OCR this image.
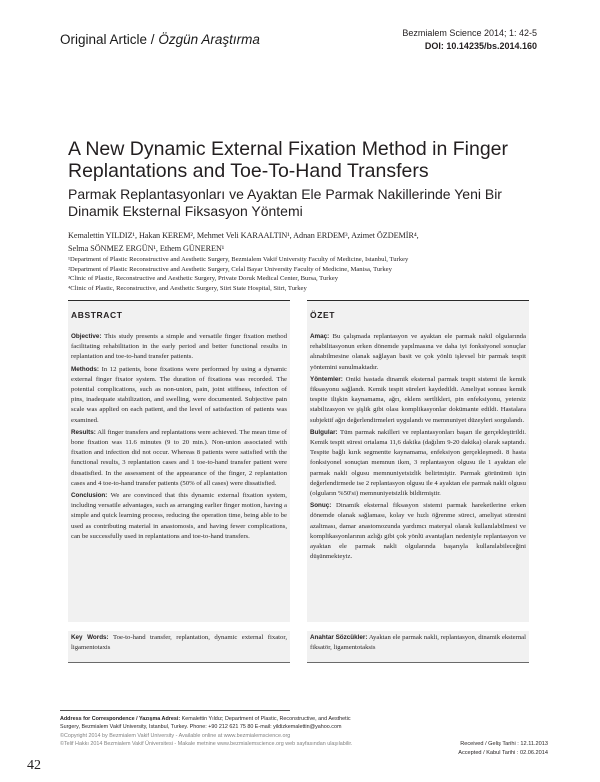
Original Article / Özgün Araştırma	Bezmialem Science 2014; 1: 42-5
DOI: 10.14235/bs.2014.160
A New Dynamic External Fixation Method in Finger Replantations and Toe-To-Hand Transfers
Parmak Replantasyonları ve Ayaktan Ele Parmak Nakillerinde Yeni Bir Dinamik Eksternal Fiksasyon Yöntemi
Kemalettin YILDIZ¹, Hakan KEREM², Mehmet Veli KARAALTIN¹, Adnan ERDEM³, Azimet ÖZDEMİR⁴,
Selma SÖNMEZ ERGÜN¹, Ethem GÜNEREN¹
¹Department of Plastic Reconstructive and Aesthetic Surgery, Bezmialem Vakif University Faculty of Medicine, Istanbul, Turkey
²Department of Plastic Reconstructive and Aesthetic Surgery, Celal Bayar University Faculty of Medicine, Manisa, Turkey
³Clinic of Plastic, Reconstructive and Aesthetic Surgery, Private Doruk Medical Center, Bursa, Turkey
⁴Clinic of Plastic, Reconstructive, and Aesthetic Surgery, Siirt State Hospital, Siirt, Turkey
ABSTRACT

Objective: This study presents a simple and versatile finger fixation method facilitating rehabilitation in the early period and better functional results in replantation and toe-to-hand transfer patients.

Methods: In 12 patients, bone fixations were performed by using a dynamic external finger fixator system. The duration of fixations was recorded. The potential complications, such as non-union, pain, joint stiffness, infection of pins, inadequate stabilization, and swelling, were documented. Subjective pain scale was applied on each patient, and the level of satisfaction of patients was examined.

Results: All finger transfers and replantations were achieved. The mean time of bone fixation was 11.6 minutes (9 to 20 min.). Non-union associated with fixation and infection did not occur. Whereas 8 patients were satisfied with the functional results, 3 replantation cases and 1 toe-to-hand transfer patient were dissatisfied. In the assessment of the appearance of the finger, 2 replantation cases and 4 toe-to-hand transfer patients (50% of all cases) were dissatisfied.

Conclusion: We are convinced that this dynamic external fixation system, including versatile advantages, such as arranging earlier finger motion, having a simple and quick learning process, reducing the operation time, being able to be used as contributing material in anastomosis, and having fewer complications, can be successfully used in replantations and toe-to-hand transfers.

ÖZET

Amaç: Bu çalışmada replantasyon ve ayaktan ele parmak nakil olgularında rehabilitasyonun erken dönemde yapılmasına ve daha iyi fonksiyonel sonuçlar alınabilmesine olanak sağlayan basit ve çok yönlü işlevsel bir parmak tespit yöntemini sunulmaktadır.

Yöntemler: Onikі hastada dinamik eksternal parmak tespit sistemi ile kemik fiksasyonu sağlandı. Kemik tespit süreleri kaydedildi. Ameliyat sonrası kemik tespite ilişkin kaynamama, ağrı, eklem sertlikleri, pin enfeksiyonu, yetersiz stabilizasyon ve şişlik gibi olası komplikasyonlar dokümante edildi. Hastalara subjektif ağrı değerlendirmeleri uygulandı ve memnuniyet düzeyleri sorgulandı.

Bulgular: Tüm parmak nakilleri ve replantasyonları başarı ile gerçekleştirildi. Kemik tespit süresi ortalama 11,6 dakika (dağılım 9-20 dakika) olarak saptandı. Tespite bağlı kırık segmentte kaynamama, enfeksiyon gerçekleşmedi. 8 hasta fonksiyonel sonuçtan memnun iken, 3 replantasyon olgusu ile 1 ayaktan ele parmak nakli olgusu memnuniyetsizlik belirtmiştir. Parmak görünümü için değerlendirmede ise 2 replantasyon olgusu ile 4 ayaktan ele parmak nakli olgusu (olguların %50'si) memnuniyetsizlik bildirmiştir.

Sonuç: Dinamik eksternal fiksasyon sistemi parmak hareketlerine erken dönemde olanak sağlaması, kolay ve hızlı öğrenme süreci, ameliyat süresini azaltması, damar anastomozunda yardımcı materyal olarak kullanılabilmesi ve komplikasyonlarının azlığı gibi çok yönlü avantajları nedeniyle replantasyon ve ayaktan ele parmak nakli olgularında başarıyla kullanılabileceğini düşünmekteyiz.

Key Words: Toe-to-hand transfer, replantation, dynamic external fixator, ligamentotaxis
Anahtar Sözcükler: Ayaktan ele parmak nakli, replantasyon, dinamik eksternal fiksatör, ligamentotaksis
Address for Correspondence / Yazışma Adresi: Kemalettin Yıldız; Department of Plastic, Reconstructive, and Aesthetic
Surgery, Bezmialem Vakif University, Istanbul, Turkey. Phone: +90 212 621 75 80 E-mail: yildizkemalettin@yahoo.com
©Copyright 2014 by Bezmialem Vakif University - Available online at www.bezmialemscience.org
©Telif Hakkı 2014 Bezmialem Vakif Üniversitesi - Makale metnine www.bezmialemscience.org web sayfasından ulaşılabilir.	Received / Geliş Tarihi : 12.11.2013
Accepted / Kabul Tarihi : 02.06.2014
42
